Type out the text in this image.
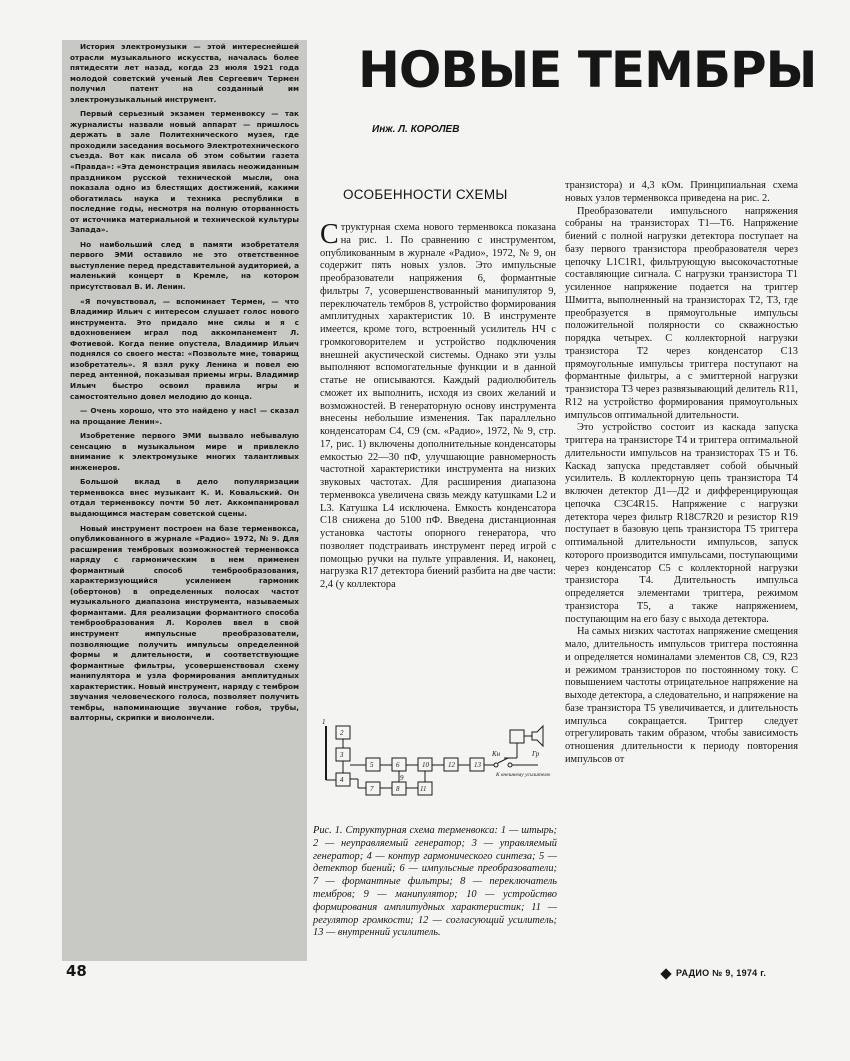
История электромузыки — этой интереснейшей отрасли музыкального искусства, началась более пятидесяти лет назад, когда 23 июля 1921 года молодой советский ученый Лев Сергеевич Термен получил патент на созданный им электромузыкальный инструмент.

Первый серьезный экзамен терменвоксу — так журналисты назвали новый аппарат — пришлось держать в зале Политехнического музея, где проходили заседания восьмого Электротехнического съезда. Вот как писала об этом событии газета «Правда»: «Эта демонстрация явилась неожиданным праздником русской технической мысли, она показала одно из блестящих достижений, какими обогатилась наука и техника республики в последние годы, несмотря на полную оторванность от источника материальной и технической культуры Запада».

Но наибольший след в памяти изобретателя первого ЭМИ оставило не это ответственное выступление перед представительной аудиторией, а маленький концерт в Кремле, на котором присутствовал В. И. Ленин.

«Я почувствовал, — вспоминает Термен, — что Владимир Ильич с интересом слушает голос нового инструмента. Это придало мне силы и я с вдохновением играл под аккомпанемент Л. Фотиевой. Когда пение опустела, Владимир Ильич поднялся со своего места: «Позвольте мне, товарищ изобретатель». Я взял руку Ленина и повел ею перед антенной, показывая приемы игры. Владимир Ильич быстро освоил правила игры и самостоятельно довел мелодию до конца.

— Очень хорошо, что это найдено у нас! — сказал на прощание Ленин».

Изобретение первого ЭМИ вызвало небывалую сенсацию в музыкальном мире и привлекло внимание к электромузыке многих талантливых инженеров.

Большой вклад в дело популяризации терменвокса внес музыкант К. И. Ковальский. Он отдал терменвоксу почти 50 лет. Аккомпанировал выдающимся мастерам советской сцены.

Новый инструмент построен на базе терменвокса, опубликованного в журнале «Радио» 1972, № 9. Для расширения тембровых возможностей терменвокса наряду с гармоническим в нем применен формантный способ темброобразования, характеризующийся усилением гармоник (обертонов) в определенных полосах частот музыкального диапазона инструмента, называемых формантами. Для реализации формантного способа темброобразования Л. Королев ввел в свой инструмент импульсные преобразователи, позволяющие получить импульсы определенной формы и длительности, и соответствующие формантные фильтры, усовершенствовал схему манипулятора и узла формирования амплитудных характеристик. Новый инструмент, наряду с тембром звучания человеческого голоса, позволяет получить тембры, напоминающие звучание гобоя, трубы, валторны, скрипки и виолончели.

НОВЫЕ ТЕМБРЫ
Инж. Л. КОРОЛЕВ
ОСОБЕННОСТИ СХЕМЫ

Структурная схема нового терменвокса показана на рис. 1. По сравнению с инструментом, опубликованным в журнале «Радио», 1972, № 9, он содержит пять новых узлов. Это импульсные преобразователи напряжения 6, формантные фильтры 7, усовершенствованный манипулятор 9, переключатель тембров 8, устройство формирования амплитудных характеристик 10. В инструменте имеется, кроме того, встроенный усилитель НЧ с громкоговорителем и устройство подключения внешней акустической системы. Однако эти узлы выполняют вспомогательные функции и в данной статье не описываются. Каждый радиолюбитель сможет их выполнить, исходя из своих желаний и возможностей. В генераторную основу инструмента внесены небольшие изменения. Так параллельно конденсаторам С4, С9 (см. «Радио», 1972, № 9, стр. 17, рис. 1) включены дополнительные конденсаторы емкостью 22—30 пФ, улучшающие равномерность частотной характеристики инструмента на низких звуковых частотах. Для расширения диапазона терменвокса увеличена связь между катушками L2 и L3. Катушка L4 исключена. Емкость конденсатора С18 снижена до 5100 пФ. Введена дистанционная установка частоты опорного генератора, что позволяет подстраивать инструмент перед игрой с помощью ручки на пульте управления. И, наконец, нагрузка R17 детектора биений разбита на две части: 2,4 (у коллектора

2
3
4
5
7
6
8
10
11
12	13
1
9
Кн	Гр
К внешнему усилителю

Рис. 1. Структурная схема терменвокса: 1 — штырь; 2 — неуправляемый генератор; 3 — управляемый генератор; 4 — контур гармонического синтеза; 5 — детектор биений; 6 — импульсные преобразователи; 7 — формантные фильтры; 8 — переключатель тембров; 9 — манипулятор; 10 — устройство формирования амплитудных характеристик; 11 — регулятор громкости; 12 — согласующий усилитель; 13 — внутренний усилитель.

транзистора) и 4,3 кОм. Принципиальная схема новых узлов терменвокса приведена на рис. 2.

Преобразователи импульсного напряжения собраны на транзисторах Т1—Т6. Напряжение биений с полной нагрузки детектора поступает на базу первого транзистора преобразователя через цепочку L1C1R1, фильтрующую высокочастотные составляющие сигнала. С нагрузки транзистора Т1 усиленное напряжение подается на триггер Шмитта, выполненный на транзисторах Т2, Т3, где преобразуется в прямоугольные импульсы положительной полярности со скважностью порядка четырех. С коллекторной нагрузки транзистора Т2 через конденсатор С13 прямоугольные импульсы триггера поступают на формантные фильтры, а с эмиттерной нагрузки транзистора Т3 через развязывающий делитель R11, R12 на устройство формирования прямоугольных импульсов оптимальной длительности.

Это устройство состоит из каскада запуска триггера на транзисторе Т4 и триггера оптимальной длительности импульсов на транзисторах Т5 и Т6. Каскад запуска представляет собой обычный усилитель. В коллекторную цепь транзистора Т4 включен детектор Д1—Д2 и дифференцирующая цепочка С3С4R15. Напряжение с нагрузки детектора через фильтр R18C7R20 и резистор R19 поступает в базовую цепь транзистора Т5 триггера оптимальной длительности импульсов, запуск которого производится импульсами, поступающими через конденсатор С5 с коллекторной нагрузки транзистора Т4. Длительность импульса определяется элементами триггера, режимом транзистора Т5, а также напряжением, поступающим на его базу с выхода детектора.

На самых низких частотах напряжение смещения мало, длительность импульсов триггера постоянна и определяется номиналами элементов С8, С9, R23 и режимом транзисторов по постоянному току. С повышением частоты отрицательное напряжение на выходе детектора, а следовательно, и напряжение на базе транзистора Т5 увеличивается, и длительность импульса сокращается. Триггер следует отрегулировать таким образом, чтобы зависимость отношения длительности к периоду повторения импульсов от

48	РАДИО № 9, 1974 г.
